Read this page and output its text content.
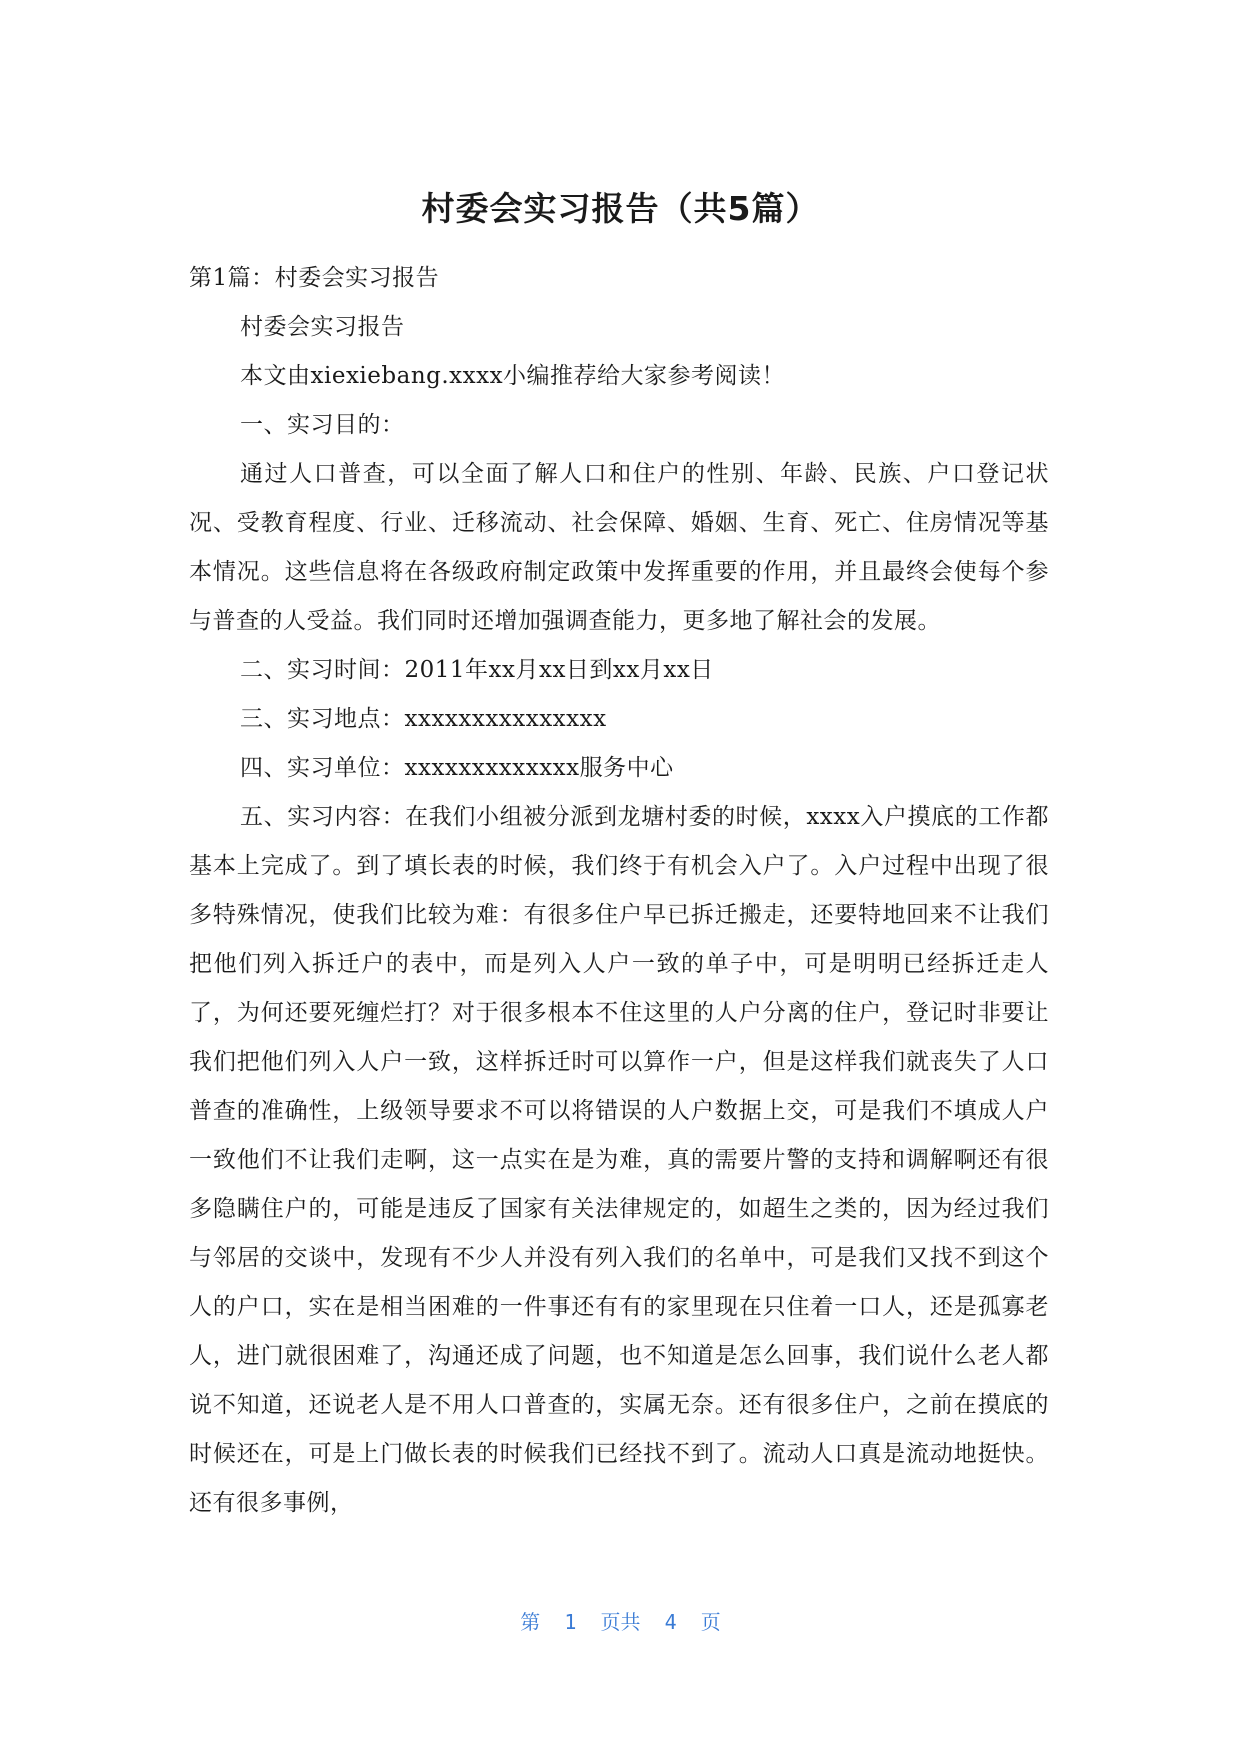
村委会实习报告（共5篇）

第1篇：村委会实习报告

村委会实习报告

本文由xiexiebang.xxxx小编推荐给大家参考阅读！

一、实习目的：

通过人口普查，可以全面了解人口和住户的性别、年龄、民族、户口登记状况、受教育程度、行业、迁移流动、社会保障、婚姻、生育、死亡、住房情况等基本情况。这些信息将在各级政府制定政策中发挥重要的作用，并且最终会使每个参与普查的人受益。我们同时还增加强调查能力，更多地了解社会的发展。

二、实习时间：2011年xx月xx日到xx月xx日

三、实习地点：xxxxxxxxxxxxxxx

四、实习单位：xxxxxxxxxxxxx服务中心

五、实习内容：在我们小组被分派到龙塘村委的时候，xxxx入户摸底的工作都基本上完成了。到了填长表的时候，我们终于有机会入户了。入户过程中出现了很多特殊情况，使我们比较为难：有很多住户早已拆迁搬走，还要特地回来不让我们把他们列入拆迁户的表中，而是列入人户一致的单子中，可是明明已经拆迁走人了，为何还要死缠烂打？对于很多根本不住这里的人户分离的住户，登记时非要让我们把他们列入人户一致，这样拆迁时可以算作一户，但是这样我们就丧失了人口普查的准确性，上级领导要求不可以将错误的人户数据上交，可是我们不填成人户一致他们不让我们走啊，这一点实在是为难，真的需要片警的支持和调解啊还有很多隐瞒住户的，可能是违反了国家有关法律规定的，如超生之类的，因为经过我们与邻居的交谈中，发现有不少人并没有列入我们的名单中，可是我们又找不到这个人的户口，实在是相当困难的一件事还有有的家里现在只住着一口人，还是孤寡老人，进门就很困难了，沟通还成了问题，也不知道是怎么回事，我们说什么老人都说不知道，还说老人是不用人口普查的，实属无奈。还有很多住户，之前在摸底的时候还在，可是上门做长表的时候我们已经找不到了。流动人口真是流动地挺快。还有很多事例，

第  1  页共  4  页
